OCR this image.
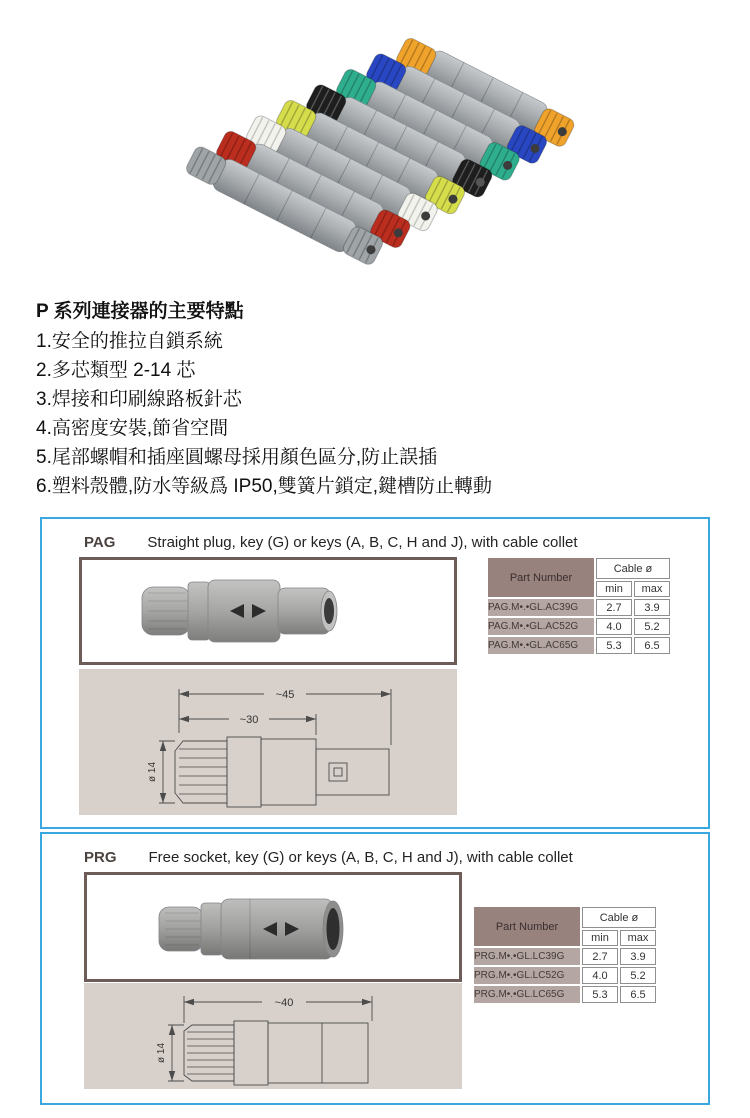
P 系列連接器的主要特點
1.安全的推拉自鎖系統
2.多芯類型 2-14 芯
3.焊接和印刷線路板針芯
4.高密度安裝,節省空間
5.尾部螺帽和插座圓螺母採用顏色區分,防止誤插
6.塑料殼體,防水等級爲 IP50,雙簧片鎖定,鍵槽防止轉動
PAG Straight plug, key (G) or keys (A, B, C, H and J), with cable collet
Part Number	Cable ø	
	min	max
PAG.M•.•GL.AC39G	2.7	3.9
PAG.M•.•GL.AC52G	4.0	5.2
PAG.M•.•GL.AC65G	5.3	6.5
~45
~30
ø 14
PRG Free socket, key (G) or keys (A, B, C, H and J), with cable collet
Part Number	Cable ø	
	min	max
PRG.M•.•GL.LC39G	2.7	3.9
PRG.M•.•GL.LC52G	4.0	5.2
PRG.M•.•GL.LC65G	5.3	6.5
~40
ø 14
